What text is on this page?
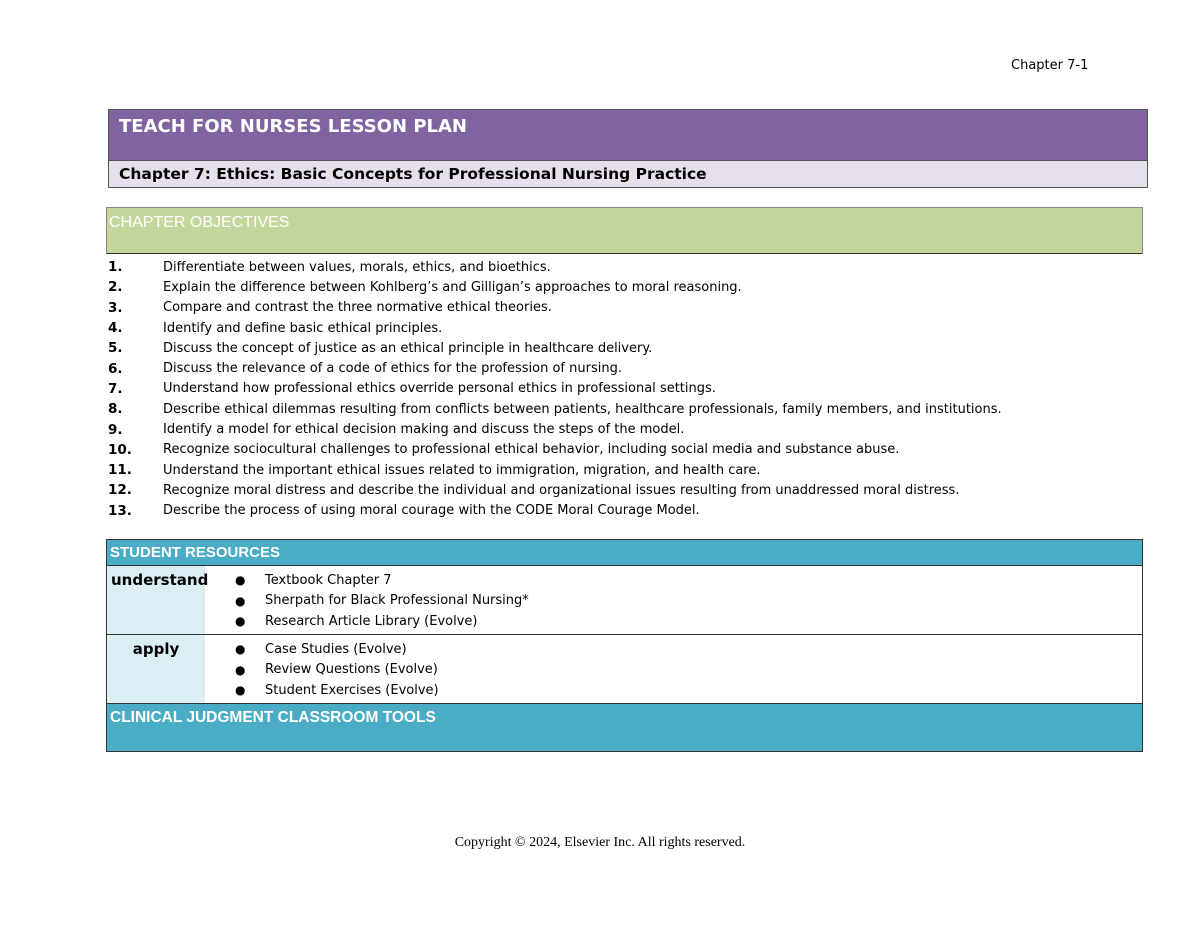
Chapter 7-1
TEACH FOR NURSES LESSON PLAN
Chapter 7: Ethics: Basic Concepts for Professional Nursing Practice
CHAPTER OBJECTIVES
1.	Differentiate between values, morals, ethics, and bioethics.
2.	Explain the difference between Kohlberg’s and Gilligan’s approaches to moral reasoning.
3.	Compare and contrast the three normative ethical theories.
4.	Identify and define basic ethical principles.
5.	Discuss the concept of justice as an ethical principle in healthcare delivery.
6.	Discuss the relevance of a code of ethics for the profession of nursing.
7.	Understand how professional ethics override personal ethics in professional settings.
8.	Describe ethical dilemmas resulting from conflicts between patients, healthcare professionals, family members, and institutions.
9.	Identify a model for ethical decision making and discuss the steps of the model.
10.	Recognize sociocultural challenges to professional ethical behavior, including social media and substance abuse.
11.	Understand the important ethical issues related to immigration, migration, and health care.
12.	Recognize moral distress and describe the individual and organizational issues resulting from unaddressed moral distress.
13.	Describe the process of using moral courage with the CODE Moral Courage Model.
STUDENT RESOURCES
understand ●	Textbook Chapter 7
●	Sherpath for Black Professional Nursing*
●	Research Article Library (Evolve)
apply	●	Case Studies (Evolve)
●	Review Questions (Evolve)
●	Student Exercises (Evolve)
CLINICAL JUDGMENT CLASSROOM TOOLS
Copyright © 2024, Elsevier Inc. All rights reserved.
